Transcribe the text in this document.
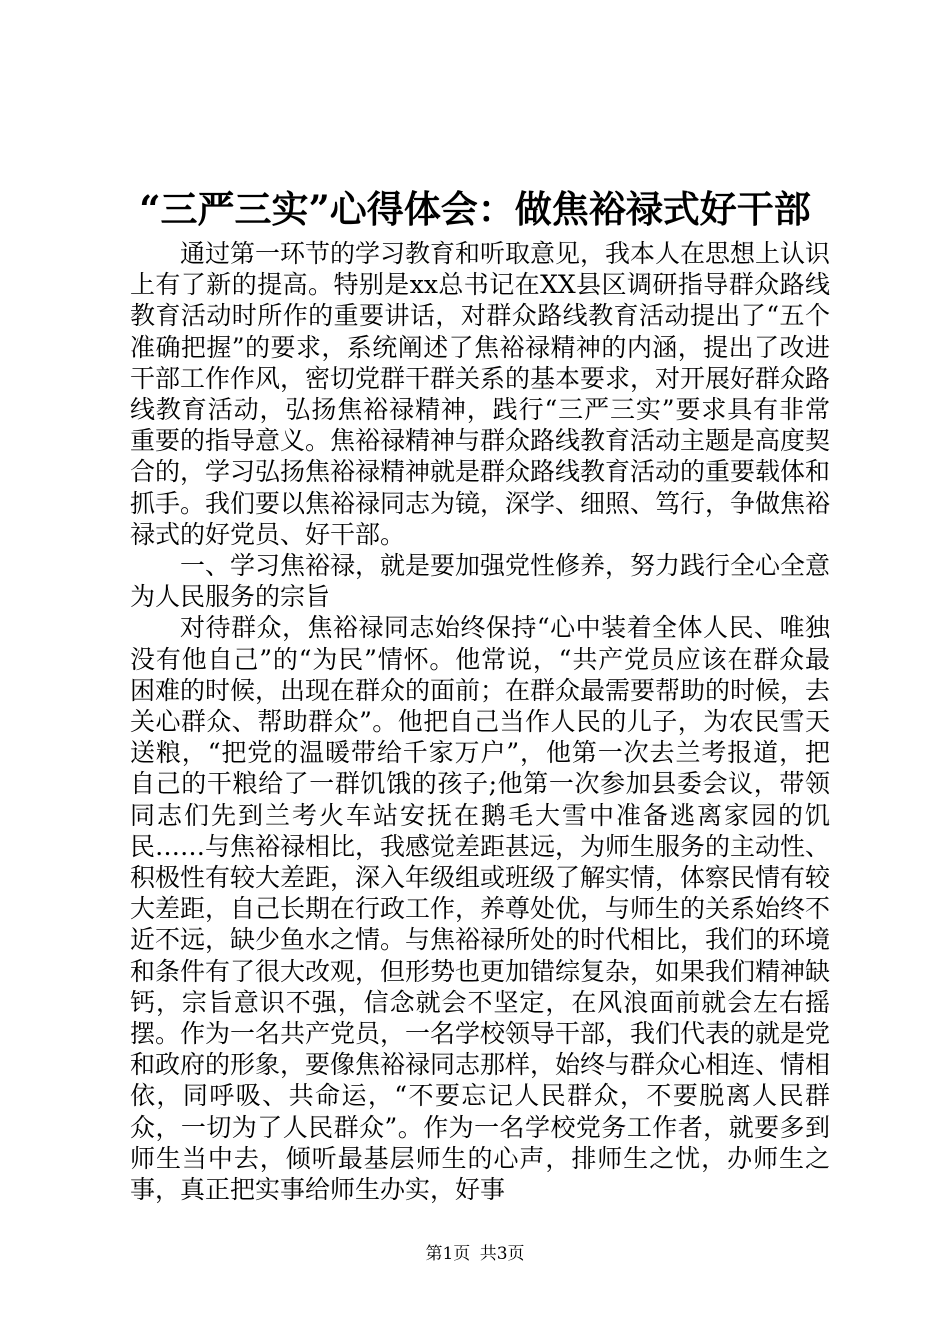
“三严三实”心得体会：做焦裕禄式好干部

通过第一环节的学习教育和听取意见，我本人在思想上认识上有了新的提高。特别是xx总书记在XX县区调研指导群众路线教育活动时所作的重要讲话，对群众路线教育活动提出了“五个准确把握”的要求，系统阐述了焦裕禄精神的内涵，提出了改进干部工作作风，密切党群干群关系的基本要求，对开展好群众路线教育活动，弘扬焦裕禄精神，践行“三严三实”要求具有非常重要的指导意义。焦裕禄精神与群众路线教育活动主题是高度契合的，学习弘扬焦裕禄精神就是群众路线教育活动的重要载体和抓手。我们要以焦裕禄同志为镜，深学、细照、笃行，争做焦裕禄式的好党员、好干部。

一、学习焦裕禄，就是要加强党性修养，努力践行全心全意为人民服务的宗旨

对待群众，焦裕禄同志始终保持“心中装着全体人民、唯独没有他自己”的“为民”情怀。他常说，“共产党员应该在群众最困难的时候，出现在群众的面前；在群众最需要帮助的时候，去关心群众、帮助群众”。他把自己当作人民的儿子，为农民雪天送粮，“把党的温暖带给千家万户”，他第一次去兰考报道，把自己的干粮给了一群饥饿的孩子;他第一次参加县委会议，带领同志们先到兰考火车站安抚在鹅毛大雪中准备逃离家园的饥民……与焦裕禄相比，我感觉差距甚远，为师生服务的主动性、积极性有较大差距，深入年级组或班级了解实情，体察民情有较大差距，自己长期在行政工作，养尊处优，与师生的关系始终不近不远，缺少鱼水之情。与焦裕禄所处的时代相比，我们的环境和条件有了很大改观，但形势也更加错综复杂，如果我们精神缺钙，宗旨意识不强，信念就会不坚定，在风浪面前就会左右摇摆。作为一名共产党员，一名学校领导干部，我们代表的就是党和政府的形象，要像焦裕禄同志那样，始终与群众心相连、情相依，同呼吸、共命运，“不要忘记人民群众，不要脱离人民群众，一切为了人民群众”。作为一名学校党务工作者，就要多到师生当中去，倾听最基层师生的心声，排师生之忧，办师生之事，真正把实事给师生办实，好事

第1页 共3页
